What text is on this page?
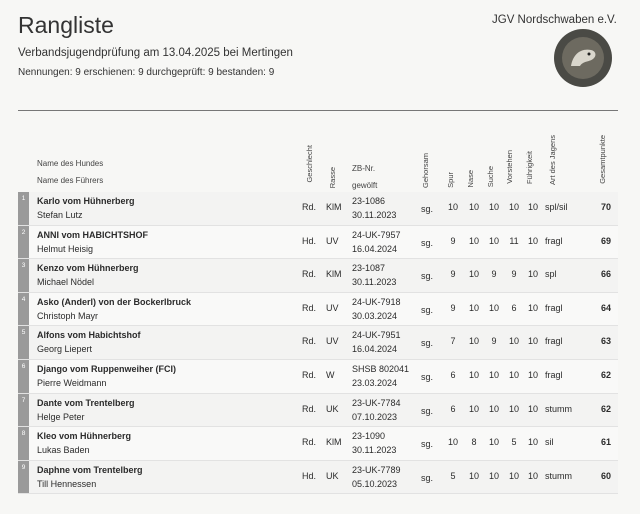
Rangliste
Verbandsjugendprüfung am 13.04.2025 bei Mertingen
Nennungen: 9 erschienen: 9 durchgeprüft: 9 bestanden: 9
JGV Nordschwaben e.V.
Name des Hundes
Name des Führers	Geschlecht Rasse ZB-Nr.
gewölft	Gehorsam Spur Nase Suche Vorstehen Führigkeit Art des Jagens	Gesamtpunkte
1	Karlo vom Hühnerberg
Stefan Lutz
Rd. KlM
23-1086
30.11.2023
sg. 10 10 10 10 10 spl/sil	70
2	ANNI vom HABICHTSHOF
Helmut Heisig
Hd. UV
24-UK-7957
16.04.2024
sg.	9	10 10 11 10 fragl	69
3	Kenzo vom Hühnerberg
Michael Nödel
Rd. KlM
23-1087
30.11.2023
sg.	9	10	9	9	10 spl	66
4	Asko (Anderl) von der Bockerlbruck
Christoph Mayr
Rd. UV
24-UK-7918
30.03.2024
sg.	9	10 10	6	10 fragl	64
5	Alfons vom Habichtshof
Georg Liepert
Rd. UV
24-UK-7951
16.04.2024
sg.	7	10	9	10 10 fragl	63
6	Django vom Ruppenweiher (FCI)
Pierre Weidmann
Rd. W
SHSB 802041
23.03.2024
sg.	6	10 10 10 10 fragl	62
7	Dante vom Trentelberg
Helge Peter
Rd. UK
23-UK-7784
07.10.2023
sg.	6	10 10 10 10 stumm	62
8	Kleo vom Hühnerberg
Lukas Baden
Rd. KlM
23-1090
30.11.2023
sg. 10	8	10	5	10 sil	61
9	Daphne vom Trentelberg
Till Hennessen
Hd. UK
23-UK-7789
05.10.2023
sg.	5	10 10 10 10 stumm	60
